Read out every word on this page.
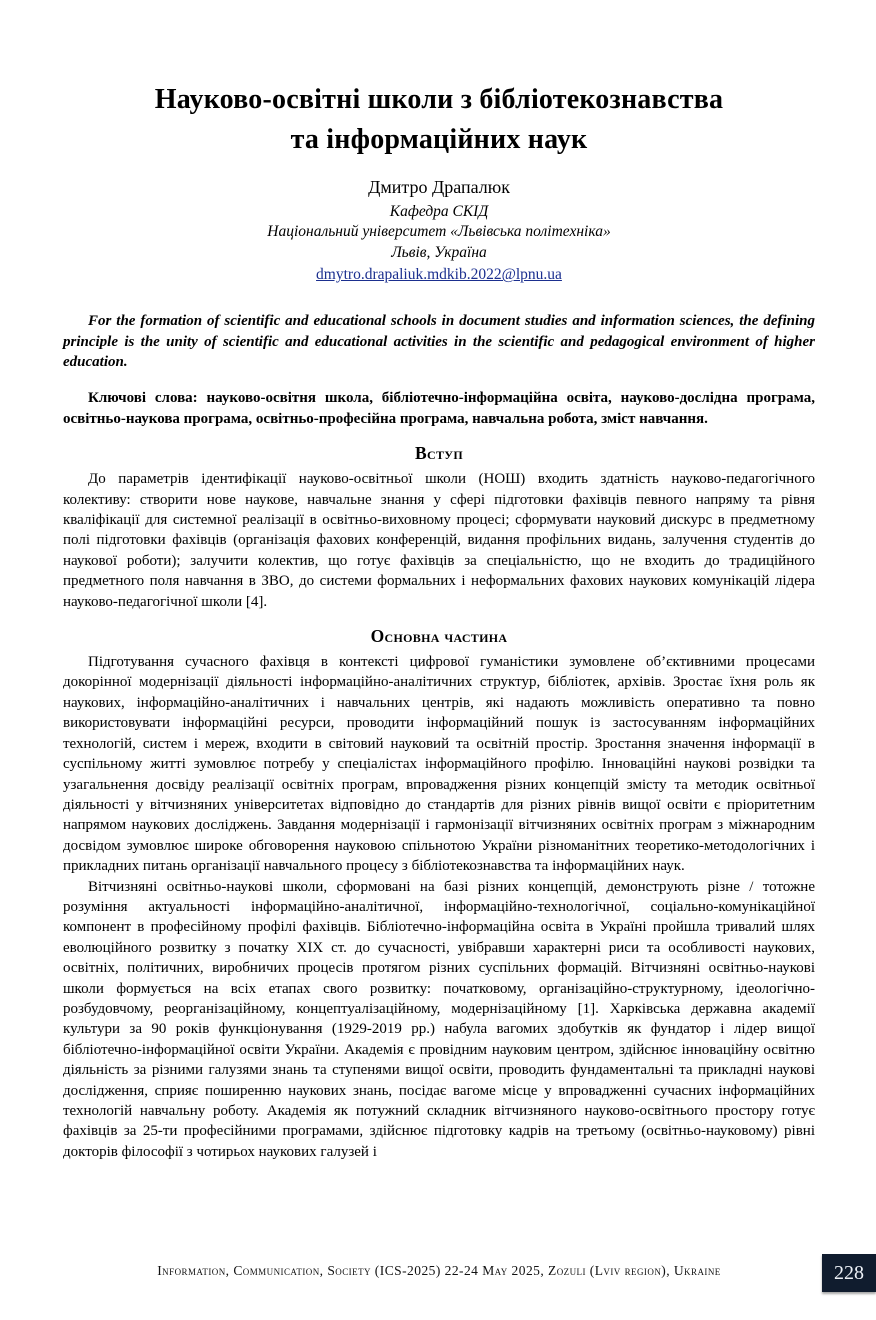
Науково-освітні школи з бібліотекознавства
та інформаційних наук
Дмитро Драпалюк
Кафедра СКІД
Національний університет «Львівська політехніка»
Львів, Україна
dmytro.drapaliuk.mdkib.2022@lpnu.ua

For the formation of scientific and educational schools in document studies and information sciences, the defining principle is the unity of scientific and educational activities in the scientific and pedagogical environment of higher education.

Ключові слова: науково-освітня школа, бібліотечно-інформаційна освіта, науково-дослідна програма, освітньо-наукова програма, освітньо-професійна програма, навчальна робота, зміст навчання.

Вступ

До параметрів ідентифікації науково-освітньої школи (НОШ) входить здатність науково-педагогічного колективу: створити нове наукове, навчальне знання у сфері підготовки фахівців певного напряму та рівня кваліфікації для системної реалізації в освітньо-виховному процесі; сформувати науковий дискурс в предметному полі підготовки фахівців (організація фахових конференцій, видання профільних видань, залучення студентів до наукової роботи); залучити колектив, що готує фахівців за спеціальністю, що не входить до традиційного предметного поля навчання в ЗВО, до системи формальних і неформальних фахових наукових комунікацій лідера науково-педагогічної школи [4].

Основна частина

Підготування сучасного фахівця в контексті цифрової гуманістики зумовлене об’єктивними процесами докорінної модернізації діяльності інформаційно-аналітичних структур, бібліотек, архівів. Зростає їхня роль як наукових, інформаційно-аналітичних і навчальних центрів, які надають можливість оперативно та повно використовувати інформаційні ресурси, проводити інформаційний пошук із застосуванням інформаційних технологій, систем і мереж, входити в світовий науковий та освітній простір. Зростання значення інформації в суспільному житті зумовлює потребу у спеціалістах інформаційного профілю. Інноваційні наукові розвідки та узагальнення досвіду реалізації освітніх програм, впровадження різних концепцій змісту та методик освітньої діяльності у вітчизняних університетах відповідно до стандартів для різних рівнів вищої освіти є пріоритетним напрямом наукових досліджень. Завдання модернізації і гармонізації вітчизняних освітніх програм з міжнародним досвідом зумовлює широке обговорення науковою спільнотою України різноманітних теоретико-методологічних і прикладних питань організації навчального процесу з бібліотекознавства та інформаційних наук.

Вітчизняні освітньо-наукові школи, сформовані на базі різних концепцій, демонструють різне / тотожне розуміння актуальності інформаційно-аналітичної, інформаційно-технологічної, соціально-комунікаційної компонент в професійному профілі фахівців. Бібліотечно-інформаційна освіта в Україні пройшла тривалий шлях еволюційного розвитку з початку XIX ст. до сучасності, увібравши характерні риси та особливості наукових, освітніх, політичних, виробничих процесів протягом різних суспільних формацій. Вітчизняні освітньо-наукові школи формується на всіх етапах свого розвитку: початковому, організаційно-структурному, ідеологічно-розбудовчому, реорганізаційному, концептуалізаційному, модернізаційному [1]. Харківська державна академії культури за 90 років функціонування (1929-2019 рр.) набула вагомих здобутків як фундатор і лідер вищої бібліотечно-інформаційної освіти України. Академія є провідним науковим центром, здійснює інноваційну освітню діяльність за різними галузями знань та ступенями вищої освіти, проводить фундаментальні та прикладні наукові дослідження, сприяє поширенню наукових знань, посідає вагоме місце у впровадженні сучасних інформаційних технологій навчальну роботу. Академія як потужний складник вітчизняного науково-освітнього простору готує фахівців за 25-ти професійними програмами, здійснює підготовку кадрів на третьому (освітньо-науковому) рівні докторів філософії з чотирьох наукових галузей і

Information, Communication, Society (ICS-2025) 22-24 May 2025, Zozuli (Lviv region), Ukraine	228
